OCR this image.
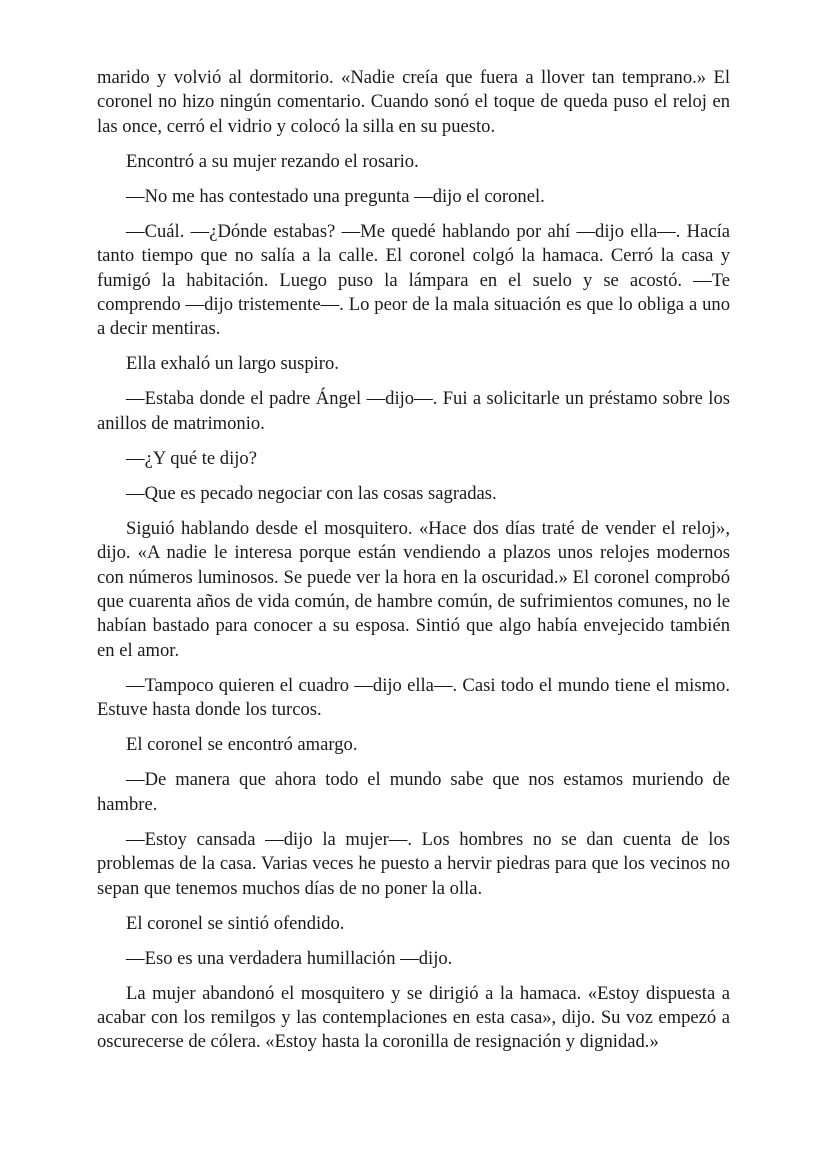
marido y volvió al dormitorio. «Nadie creía que fuera a llover tan temprano.» El coronel no hizo ningún comentario. Cuando sonó el toque de queda puso el reloj en las once, cerró el vidrio y colocó la silla en su puesto.

Encontró a su mujer rezando el rosario.

—No me has contestado una pregunta —dijo el coronel.

—Cuál. —¿Dónde estabas? —Me quedé hablando por ahí —dijo ella—. Hacía tanto tiempo que no salía a la calle. El coronel colgó la hamaca. Cerró la casa y fumigó la habitación. Luego puso la lámpara en el suelo y se acostó. —Te comprendo —dijo tristemente—. Lo peor de la mala situación es que lo obliga a uno a decir mentiras.

Ella exhaló un largo suspiro.

—Estaba donde el padre Ángel —dijo—. Fui a solicitarle un préstamo sobre los anillos de matrimonio.

—¿Y qué te dijo?

—Que es pecado negociar con las cosas sagradas.

Siguió hablando desde el mosquitero. «Hace dos días traté de vender el reloj», dijo. «A nadie le interesa porque están vendiendo a plazos unos relojes modernos con números luminosos. Se puede ver la hora en la oscuridad.» El coronel comprobó que cuarenta años de vida común, de hambre común, de sufrimientos comunes, no le habían bastado para conocer a su esposa. Sintió que algo había envejecido también en el amor.

—Tampoco quieren el cuadro —dijo ella—. Casi todo el mundo tiene el mismo. Estuve hasta donde los turcos.

El coronel se encontró amargo.

—De manera que ahora todo el mundo sabe que nos estamos muriendo de hambre.

—Estoy cansada —dijo la mujer—. Los hombres no se dan cuenta de los problemas de la casa. Varias veces he puesto a hervir piedras para que los vecinos no sepan que tenemos muchos días de no poner la olla.

El coronel se sintió ofendido.

—Eso es una verdadera humillación —dijo.

La mujer abandonó el mosquitero y se dirigió a la hamaca. «Estoy dispuesta a acabar con los remilgos y las contemplaciones en esta casa», dijo. Su voz empezó a oscurecerse de cólera. «Estoy hasta la coronilla de resignación y dignidad.»
